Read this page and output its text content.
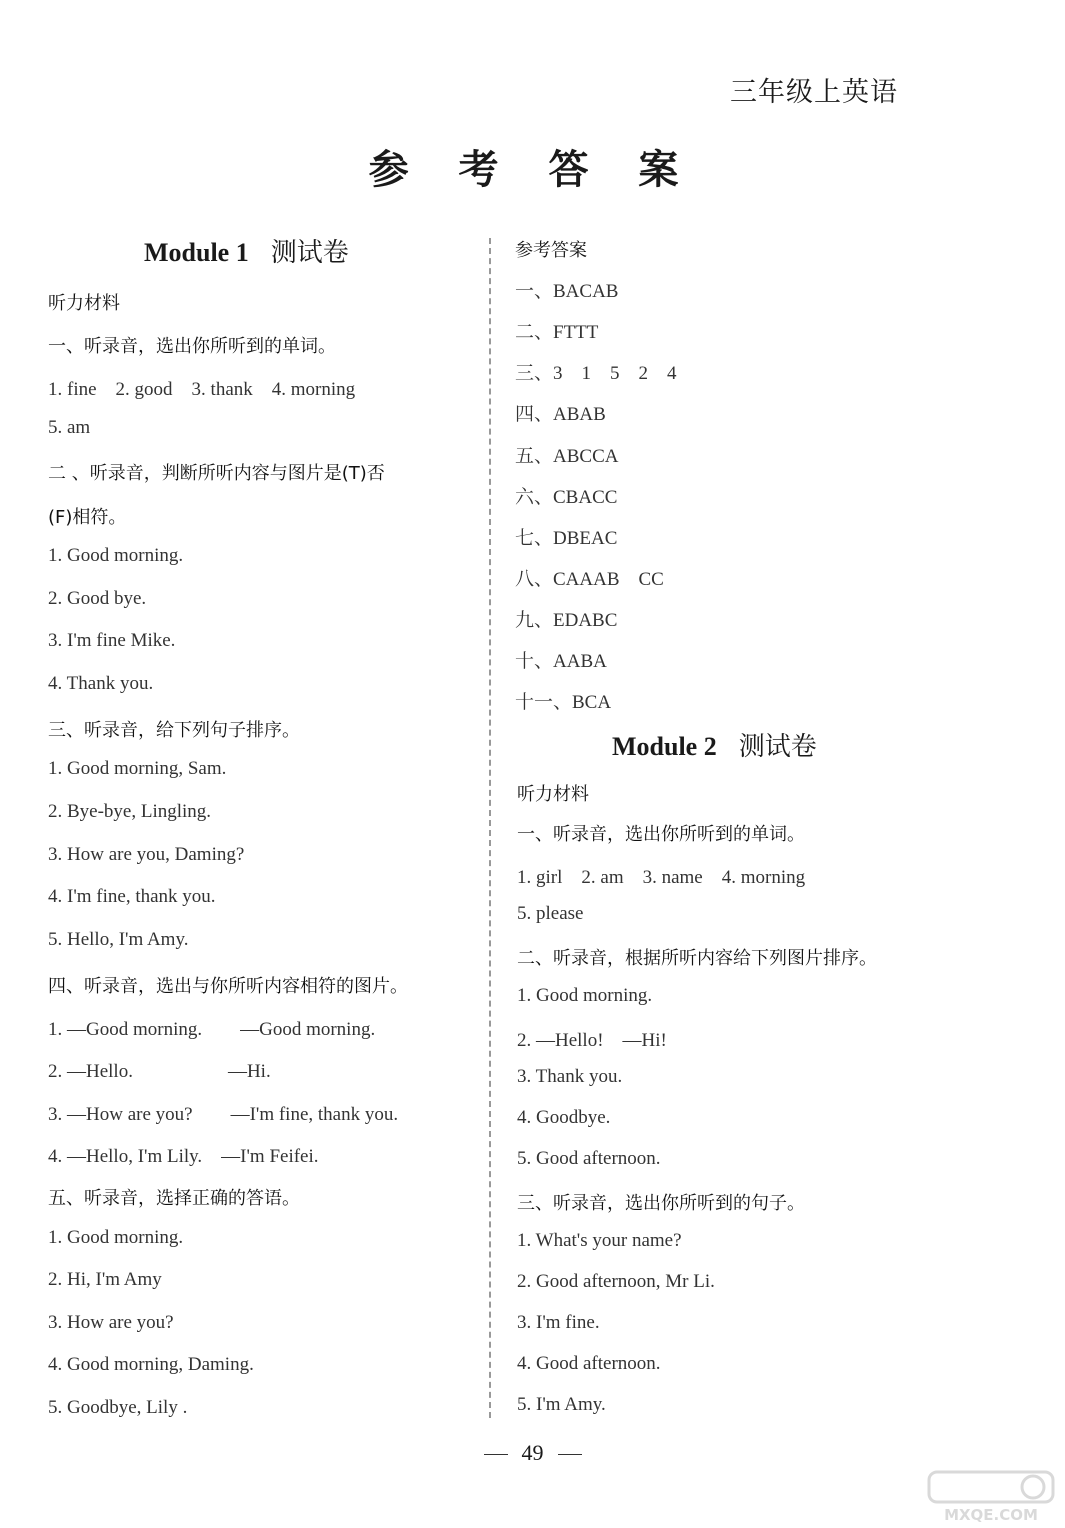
三年级上英语
参 考 答 案
Module 1 测试卷
听力材料
一、听录音，选出你所听到的单词。
1. fine　2. good　3. thank　4. morning
5. am
二 、听录音，判断所听内容与图片是(T)否
(F)相符。
1. Good morning.
2. Good bye.
3. I'm fine Mike.
4. Thank you.
三、听录音，给下列句子排序。
1. Good morning, Sam.
2. Bye-bye, Lingling.
3. How are you, Daming?
4. I'm fine, thank you.
5. Hello, I'm Amy.
四、听录音，选出与你所听内容相符的图片。
1. —Good morning.　　—Good morning.
2. —Hello.　　　　　—Hi.
3. —How are you?　　—I'm fine, thank you.
4. —Hello, I'm Lily.　—I'm Feifei.
五、听录音，选择正确的答语。
1. Good morning.
2. Hi, I'm Amy
3. How are you?
4. Good morning, Daming.
5. Goodbye, Lily .
参考答案
Module 2 测试卷
一、BACAB
二、FTTT
三、3　1　5　2　4
四、ABAB
五、ABCCA
六、CBACC
七、DBEAC
八、CAAAB　CC
九、EDABC
十、AABA
十一、BCA
听力材料
一、听录音，选出你所听到的单词。
1. girl　2. am　3. name　4. morning
5. please
二、听录音，根据所听内容给下列图片排序。
1. Good morning.
2. —Hello!　—Hi!
3. Thank you.
4. Goodbye.
5. Good afternoon.
三、听录音，选出你所听到的句子。
1. What's your name?
2. Good afternoon, Mr Li.
3. I'm fine.
4. Good afternoon.
5. I'm Amy.
49
MXQE.COM
